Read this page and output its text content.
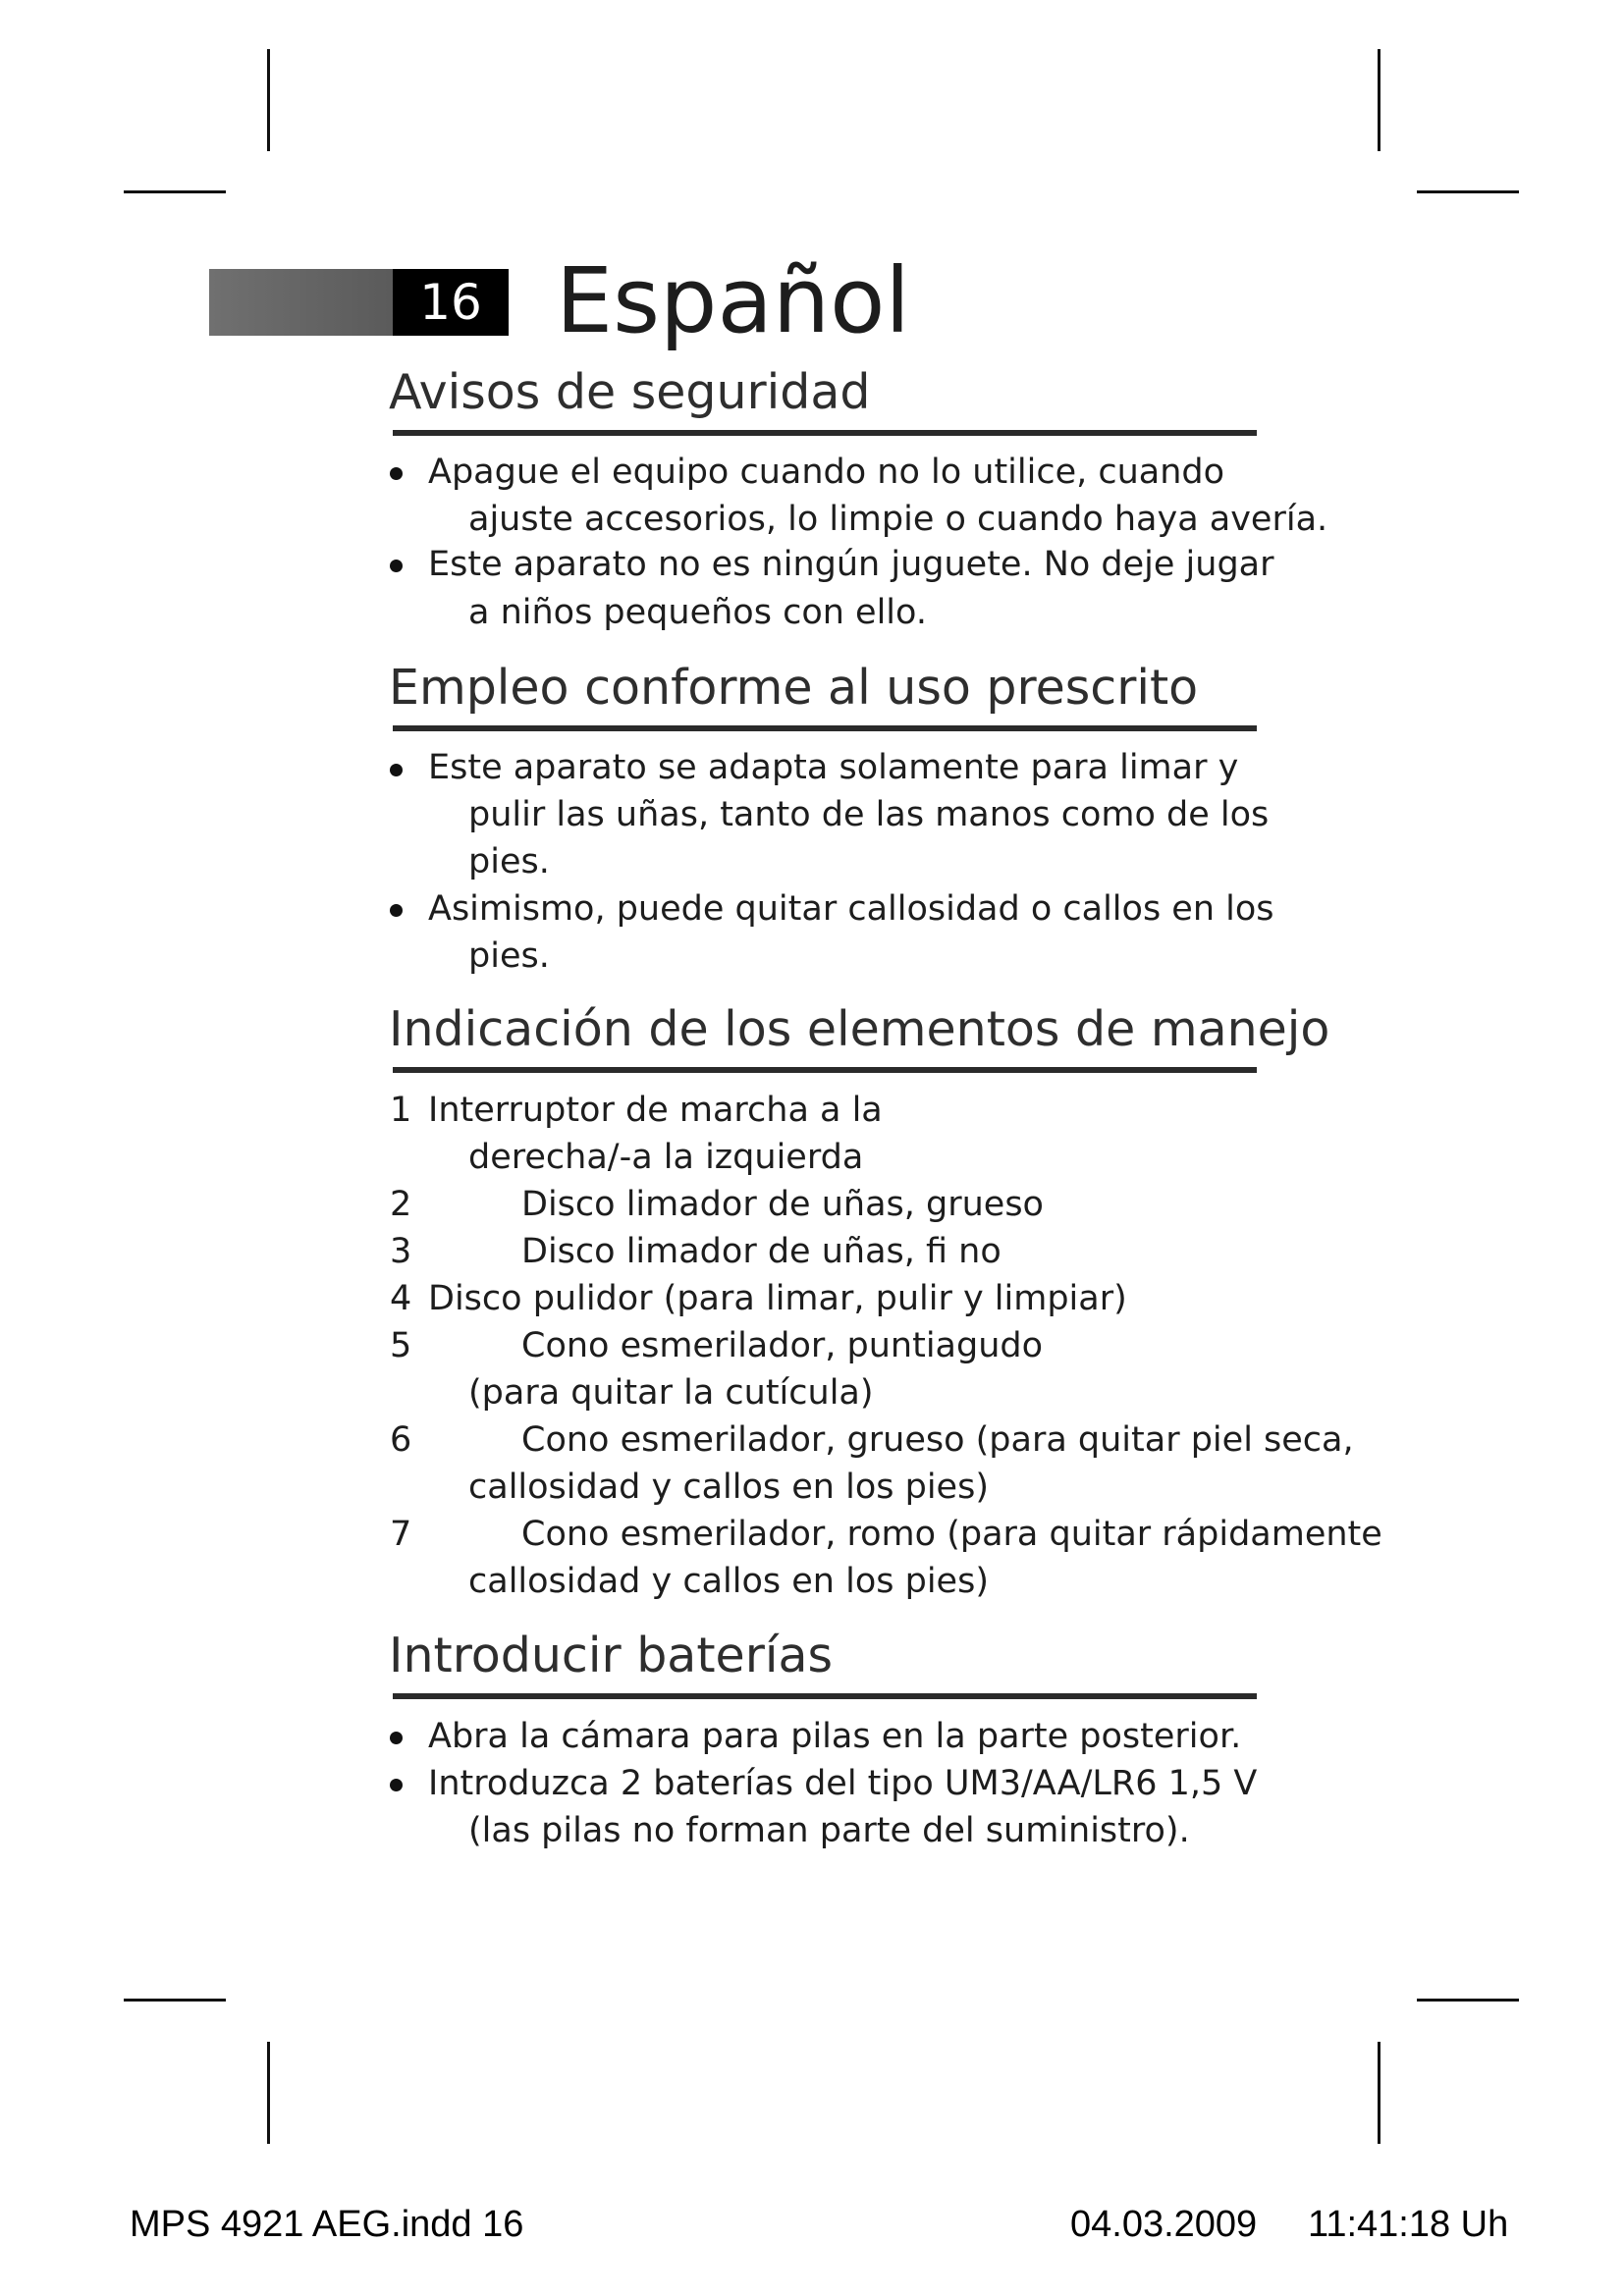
16 Español
Avisos de seguridad
Apague el equipo cuando no lo utilice, cuando
ajuste accesorios, lo limpie o cuando haya avería.
Este aparato no es ningún juguete. No deje jugar
a niños pequeños con ello.
Empleo conforme al uso prescrito
Este aparato se adapta solamente para limar y
pulir las uñas, tanto de las manos como de los
pies.
Asimismo, puede quitar callosidad o callos en los
pies.
Indicación de los elementos de manejo
1 Interruptor de marcha a la
derecha/-a la izquierda
2	Disco limador de uñas, grueso
3	Disco limador de uñas, fi no
4 Disco pulidor (para limar, pulir y limpiar)
5	Cono esmerilador, puntiagudo
(para quitar la cutícula)
6	Cono esmerilador, grueso (para quitar piel seca,
callosidad y callos en los pies)
7	Cono esmerilador, romo (para quitar rápidamente
callosidad y callos en los pies)
Introducir baterías
Abra la cámara para pilas en la parte posterior.
Introduzca 2 baterías del tipo UM3/AA/LR6 1,5 V
(las pilas no forman parte del suministro).
MPS 4921 AEG.indd 16	04.03.2009 11:41:18 Uh
